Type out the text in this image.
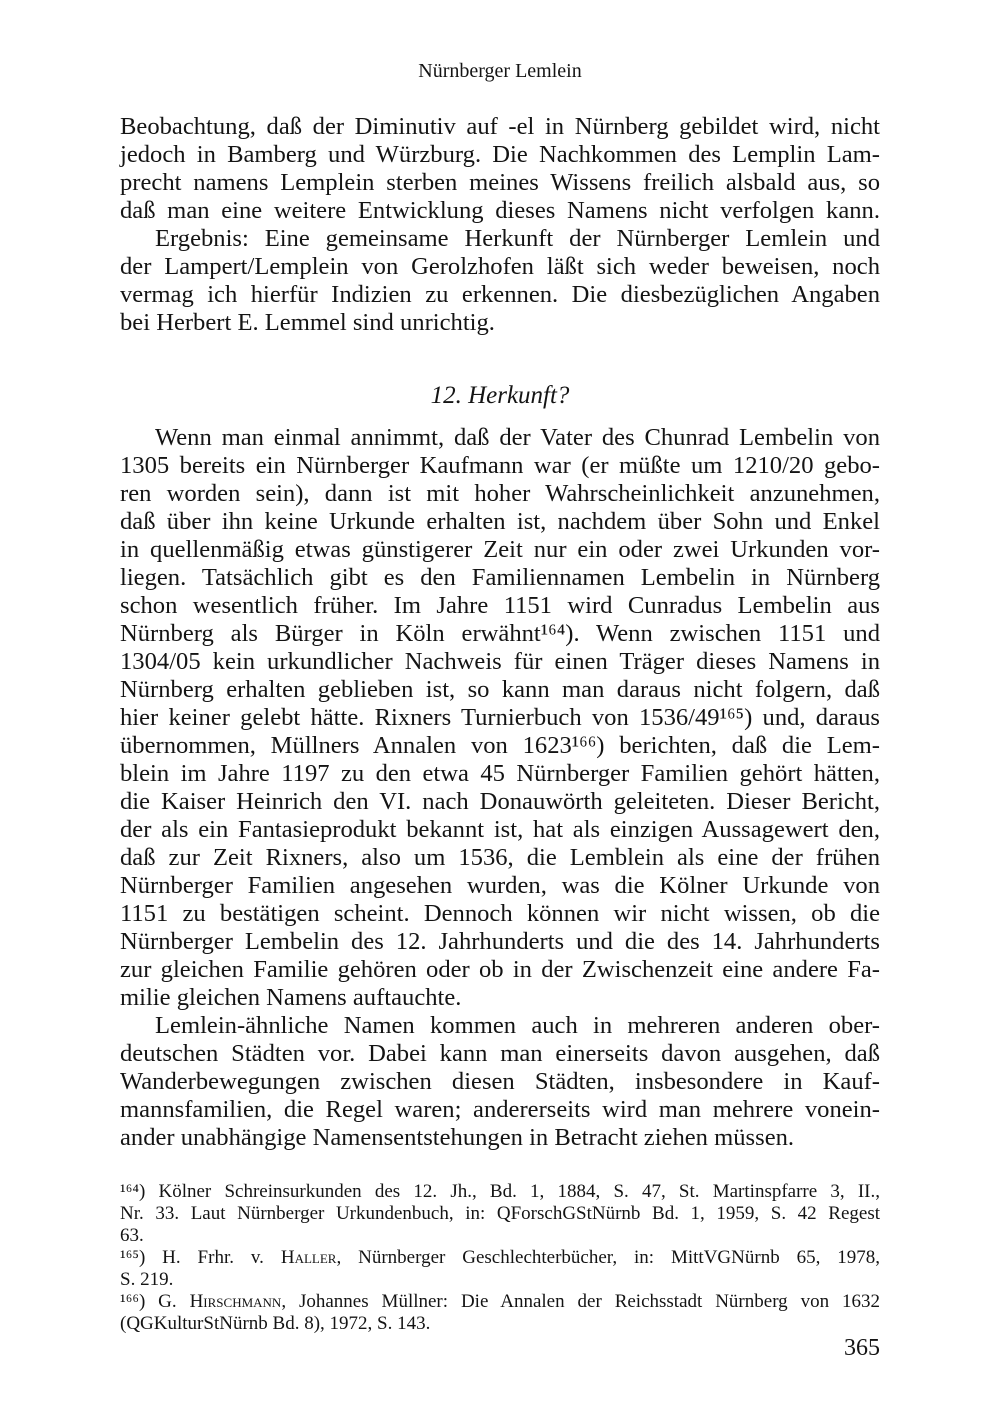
Nürnberger Lemlein
Beobachtung, daß der Diminutiv auf -el in Nürnberg gebildet wird, nicht
jedoch in Bamberg und Würzburg. Die Nachkommen des Lemplin Lam-
precht namens Lemplein sterben meines Wissens freilich alsbald aus, so
daß man eine weitere Entwicklung dieses Namens nicht verfolgen kann.
Ergebnis: Eine gemeinsame Herkunft der Nürnberger Lemlein und
der Lampert/Lemplein von Gerolzhofen läßt sich weder beweisen, noch
vermag ich hierfür Indizien zu erkennen. Die diesbezüglichen Angaben
bei Herbert E. Lemmel sind unrichtig.
12. Herkunft?
Wenn man einmal annimmt, daß der Vater des Chunrad Lembelin von
1305 bereits ein Nürnberger Kaufmann war (er müßte um 1210/20 gebo-
ren worden sein), dann ist mit hoher Wahrscheinlichkeit anzunehmen,
daß über ihn keine Urkunde erhalten ist, nachdem über Sohn und Enkel
in quellenmäßig etwas günstigerer Zeit nur ein oder zwei Urkunden vor-
liegen. Tatsächlich gibt es den Familiennamen Lembelin in Nürnberg
schon wesentlich früher. Im Jahre 1151 wird Cunradus Lembelin aus
Nürnberg als Bürger in Köln erwähnt¹⁶⁴). Wenn zwischen 1151 und
1304/05 kein urkundlicher Nachweis für einen Träger dieses Namens in
Nürnberg erhalten geblieben ist, so kann man daraus nicht folgern, daß
hier keiner gelebt hätte. Rixners Turnierbuch von 1536/49¹⁶⁵) und, daraus
übernommen, Müllners Annalen von 1623¹⁶⁶) berichten, daß die Lem-
blein im Jahre 1197 zu den etwa 45 Nürnberger Familien gehört hätten,
die Kaiser Heinrich den VI. nach Donauwörth geleiteten. Dieser Bericht,
der als ein Fantasieprodukt bekannt ist, hat als einzigen Aussagewert den,
daß zur Zeit Rixners, also um 1536, die Lemblein als eine der frühen
Nürnberger Familien angesehen wurden, was die Kölner Urkunde von
1151 zu bestätigen scheint. Dennoch können wir nicht wissen, ob die
Nürnberger Lembelin des 12. Jahrhunderts und die des 14. Jahrhunderts
zur gleichen Familie gehören oder ob in der Zwischenzeit eine andere Fa-
milie gleichen Namens auftauchte.
Lemlein-ähnliche Namen kommen auch in mehreren anderen ober-
deutschen Städten vor. Dabei kann man einerseits davon ausgehen, daß
Wanderbewegungen zwischen diesen Städten, insbesondere in Kauf-
mannsfamilien, die Regel waren; andererseits wird man mehrere vonein-
ander unabhängige Namensentstehungen in Betracht ziehen müssen.
¹⁶⁴) Kölner Schreinsurkunden des 12. Jh., Bd. 1, 1884, S. 47, St. Martinspfarre 3, II.,
Nr. 33. Laut Nürnberger Urkundenbuch, in: QForschGStNürnb Bd. 1, 1959, S. 42 Regest
63.
¹⁶⁵) H. Frhr. v. Haller, Nürnberger Geschlechterbücher, in: MittVGNürnb 65, 1978,
S. 219.
¹⁶⁶) G. Hirschmann, Johannes Müllner: Die Annalen der Reichsstadt Nürnberg von 1632
(QGKulturStNürnb Bd. 8), 1972, S. 143.
365
